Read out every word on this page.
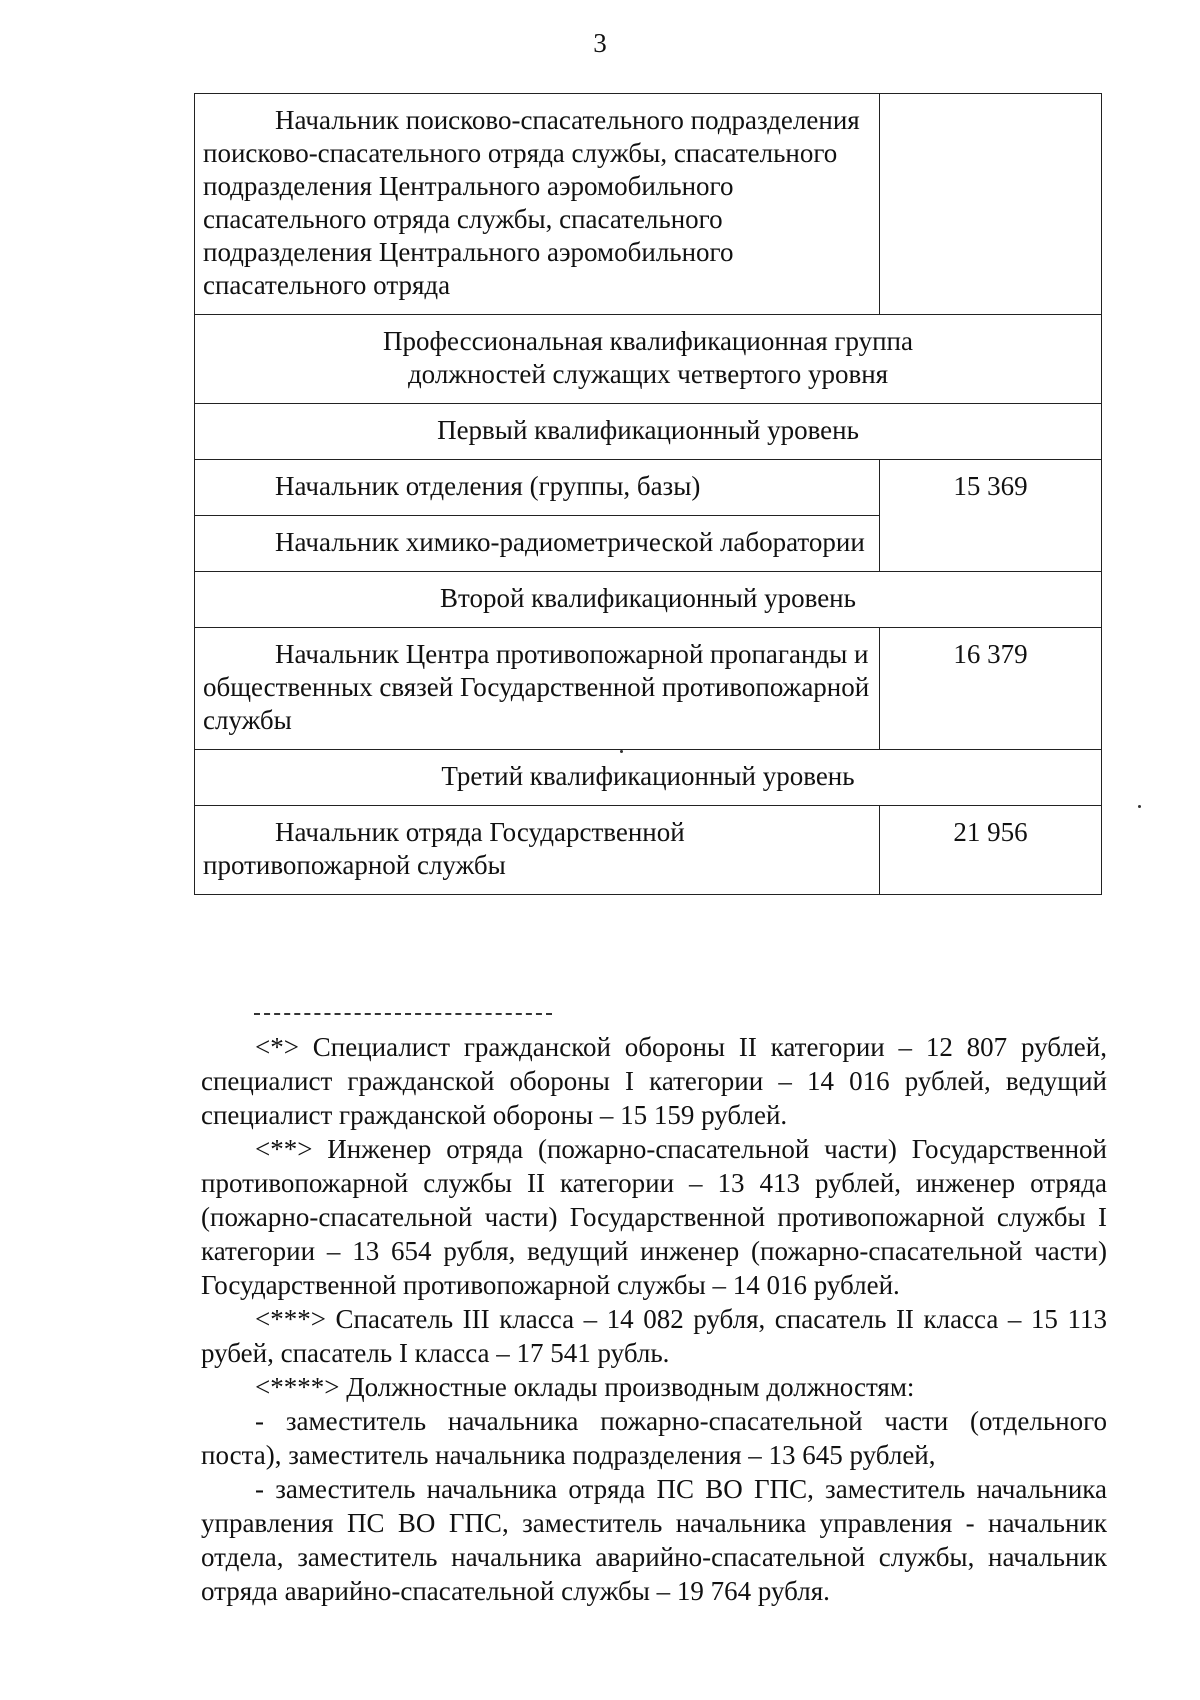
3
Начальник поисково-спасательного подразделения поисково-спасательного отряда службы, спасательного подразделения Центрального аэромобильного спасательного отряда службы, спасательного подразделения Центрального аэромобильного спасательного отряда	

Профессиональная квалификационная группа должностей служащих четвертого уровня	

Первый квалификационный уровень	

Начальник отделения (группы, базы)	15 369

Начальник химико-радиометрической лаборатории	

Второй квалификационный уровень	

Начальник Центра противопожарной пропаганды и общественных связей Государственной противопожарной службы	16 379
Третий квалификационный уровень	

Начальник отряда Государственной противопожарной службы	21 956

<*> Специалист гражданской обороны II категории – 12 807 рублей, специалист гражданской обороны I категории – 14 016 рублей, ведущий специалист гражданской обороны – 15 159 рублей.

<**> Инженер отряда (пожарно-спасательной части) Государственной противопожарной службы II категории – 13 413 рублей, инженер отряда (пожарно-спасательной части) Государственной противопожарной службы I категории – 13 654 рубля, ведущий инженер (пожарно-спасательной части) Государственной противопожарной службы – 14 016 рублей.

<***> Спасатель III класса – 14 082 рубля, спасатель II класса – 15 113 рубей, спасатель I класса – 17 541 рубль.

<****> Должностные оклады производным должностям:

- заместитель начальника пожарно-спасательной части (отдельного поста), заместитель начальника подразделения – 13 645 рублей,

- заместитель начальника отряда ПС ВО ГПС, заместитель начальника управления ПС ВО ГПС, заместитель начальника управления - начальник отдела, заместитель начальника аварийно-спасательной службы, начальник отряда аварийно-спасательной службы – 19 764 рубля.
